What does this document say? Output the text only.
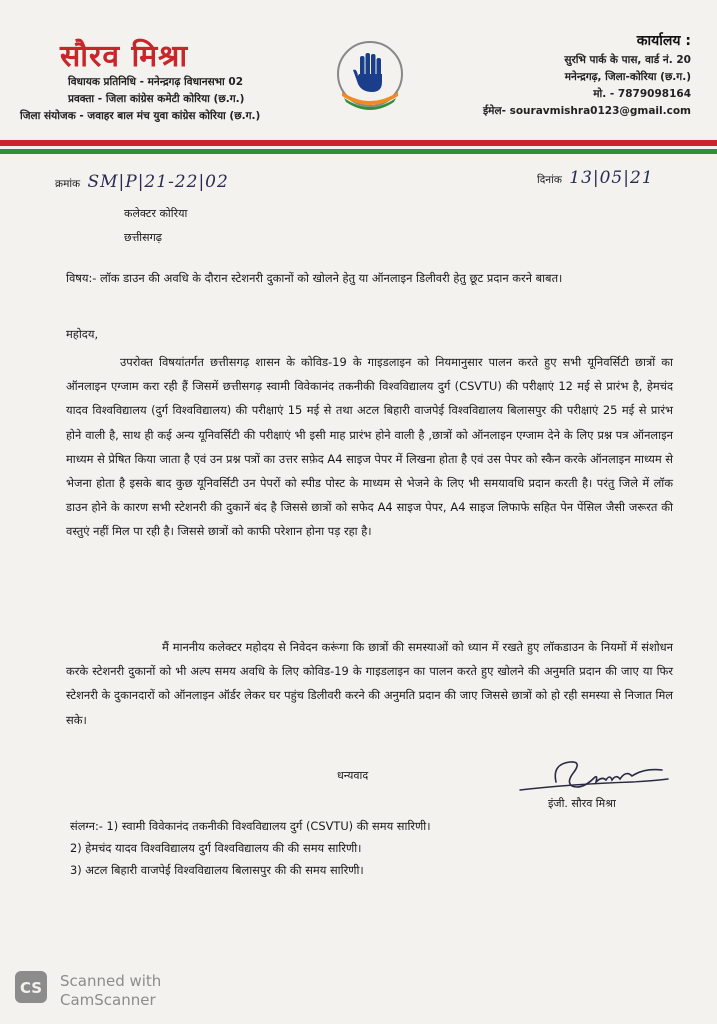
सौरव मिश्रा
विधायक प्रतिनिधि - मनेन्द्रगढ़ विधानसभा 02
प्रवक्ता - जिला कांग्रेस कमेटी कोरिया (छ.ग.)
जिला संयोजक - जवाहर बाल मंच युवा कांग्रेस कोरिया (छ.ग.)
कार्यालय :
सुरभि पार्क के पास, वार्ड नं. 20
मनेन्द्रगढ़, जिला-कोरिया (छ.ग.)
मो. - 7879098164
ईमेल- souravmishra0123@gmail.com
क्रमांक SM|P|21-22|02	दिनांक 13|05|21
कलेक्टर कोरिया
छत्तीसगढ़
विषय:- लॉक डाउन की अवधि के दौरान स्टेशनरी दुकानों को खोलने हेतु या ऑनलाइन डिलीवरी हेतु छूट प्रदान करने बाबत।
महोदय,
उपरोक्त विषयांतर्गत छत्तीसगढ़ शासन के कोविड-19 के गाइडलाइन को नियमानुसार पालन करते हुए सभी यूनिवर्सिटी छात्रों का ऑनलाइन एग्जाम करा रही हैं जिसमें छत्तीसगढ़ स्वामी विवेकानंद तकनीकी विश्वविद्यालय दुर्ग (CSVTU) की परीक्षाएं 12 मई से प्रारंभ है, हेमचंद यादव विश्वविद्यालय (दुर्ग विश्वविद्यालय) की परीक्षाएं 15 मई से तथा अटल बिहारी वाजपेई विश्वविद्यालय बिलासपुर की परीक्षाएं 25 मई से प्रारंभ होने वाली है, साथ ही कई अन्य यूनिवर्सिटी की परीक्षाएं भी इसी माह प्रारंभ होने वाली है ,छात्रों को ऑनलाइन एग्जाम देने के लिए प्रश्न पत्र ऑनलाइन माध्यम से प्रेषित किया जाता है एवं उन प्रश्न पत्रों का उत्तर सफ़ेद A4 साइज पेपर में लिखना होता है एवं उस पेपर को स्कैन करके ऑनलाइन माध्यम से भेजना होता है इसके बाद कुछ यूनिवर्सिटी उन पेपरों को स्पीड पोस्ट के माध्यम से भेजने के लिए भी समयावधि प्रदान करती है। परंतु जिले में लॉक डाउन होने के कारण सभी स्टेशनरी की दुकानें बंद है जिससे छात्रों को सफेद A4 साइज पेपर, A4 साइज लिफाफे सहित पेन पेंसिल जैसी जरूरत की वस्तुएं नहीं मिल पा रही है। जिससे छात्रों को काफी परेशान होना पड़ रहा है।
मैं माननीय कलेक्टर महोदय से निवेदन करूंगा कि छात्रों की समस्याओं को ध्यान में रखते हुए लॉकडाउन के नियमों में संशोधन करके स्टेशनरी दुकानों को भी अल्प समय अवधि के लिए कोविड-19 के गाइडलाइन का पालन करते हुए खोलने की अनुमति प्रदान की जाए या फिर स्टेशनरी के दुकानदारों को ऑनलाइन ऑर्डर लेकर घर पहुंच डिलीवरी करने की अनुमति प्रदान की जाए जिससे छात्रों को हो रही समस्या से निजात मिल सके।
धन्यवाद
इंजी. सौरव मिश्रा
संलग्न:- 1) स्वामी विवेकानंद तकनीकी विश्वविद्यालय दुर्ग (CSVTU) की समय सारिणी।
2) हेमचंद यादव विश्वविद्यालय दुर्ग विश्वविद्यालय की की समय सारिणी।
3) अटल बिहारी वाजपेई विश्वविद्यालय बिलासपुर की की समय सारिणी।
CS Scanned with
CamScanner
